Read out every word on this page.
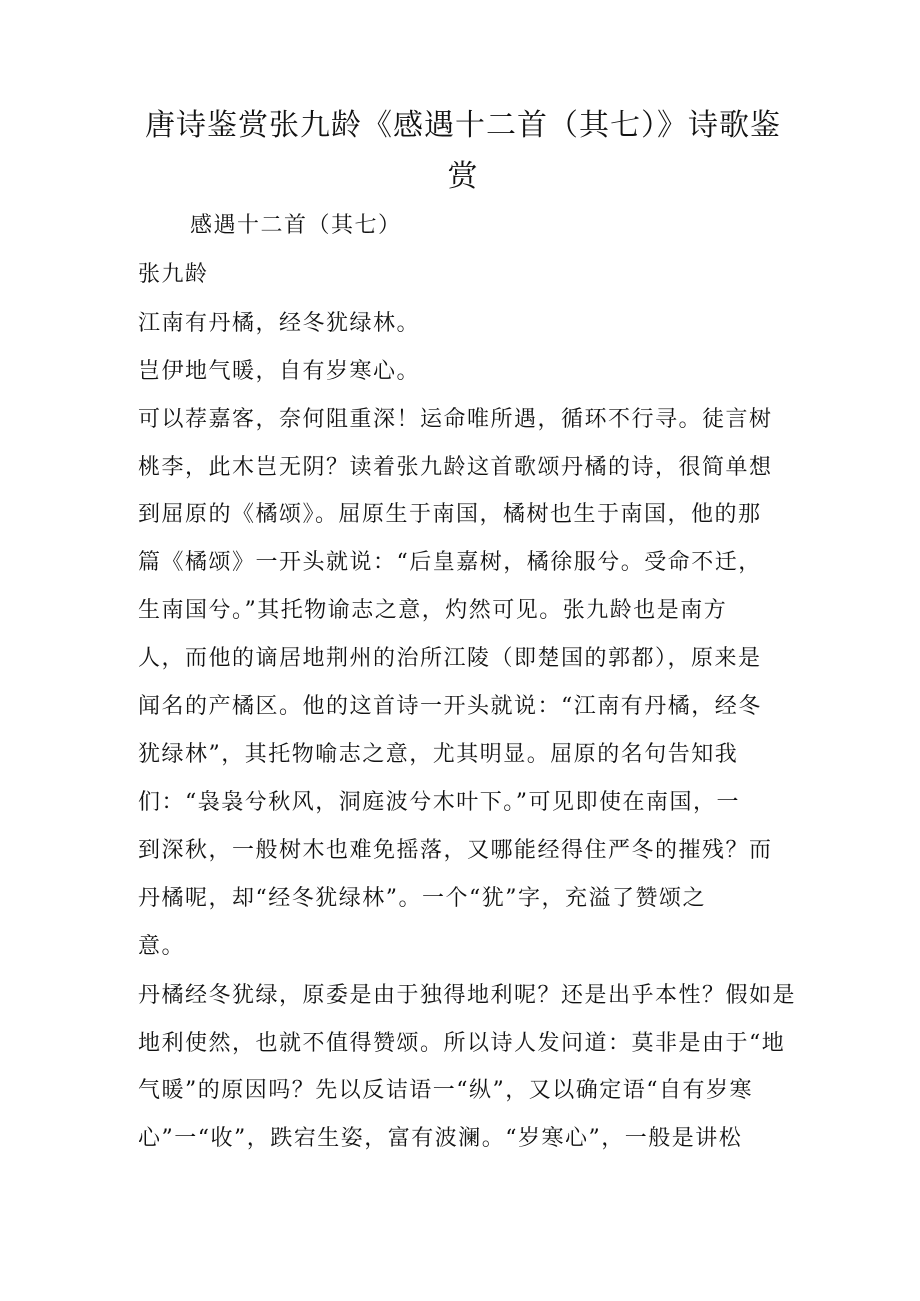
唐诗鉴赏张九龄《感遇十二首（其七）》诗歌鉴赏

感遇十二首（其七）

张九龄

江南有丹橘，经冬犹绿林。

岂伊地气暖，自有岁寒心。

可以荐嘉客，奈何阻重深！运命唯所遇，循环不行寻。徒言树

桃李，此木岂无阴？读着张九龄这首歌颂丹橘的诗，很简单想

到屈原的《橘颂》。屈原生于南国，橘树也生于南国，他的那

篇《橘颂》一开头就说：“后皇嘉树，橘徐服兮。受命不迁，

生南国兮。”其托物谕志之意，灼然可见。张九龄也是南方

人，而他的谪居地荆州的治所江陵（即楚国的郭都），原来是

闻名的产橘区。他的这首诗一开头就说：“江南有丹橘，经冬

犹绿林”，其托物喻志之意，尤其明显。屈原的名句告知我

们：“袅袅兮秋风，洞庭波兮木叶下。”可见即使在南国，一

到深秋，一般树木也难免摇落，又哪能经得住严冬的摧残？而

丹橘呢，却“经冬犹绿林”。一个“犹”字，充溢了赞颂之

意。

丹橘经冬犹绿，原委是由于独得地利呢？还是出乎本性？假如是

地利使然，也就不值得赞颂。所以诗人发问道：莫非是由于“地

气暖”的原因吗？先以反诘语一“纵”，又以确定语“自有岁寒

心”一“收”，跌宕生姿，富有波澜。“岁寒心”，一般是讲松
